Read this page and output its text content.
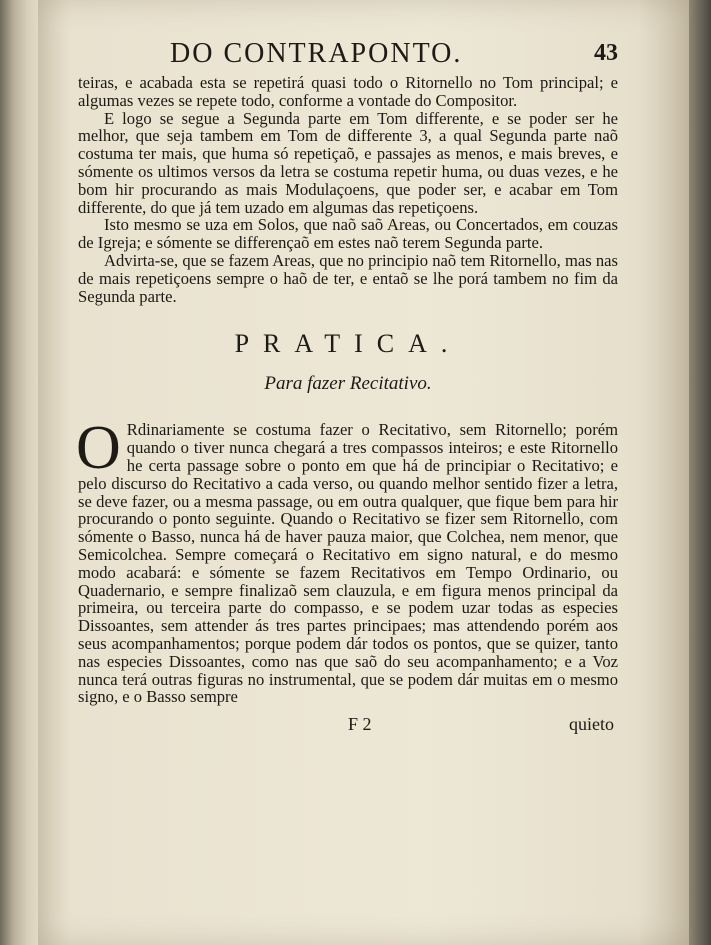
DO CONTRAPONTO.	43

teiras, e acabada esta se repetirá quasi todo o Ritornello no Tom principal; e algumas vezes se repete todo, conforme a vontade do Compositor.

E logo se segue a Segunda parte em Tom differente, e se poder ser he melhor, que seja tambem em Tom de differente 3, a qual Segunda parte naõ costuma ter mais, que huma só repetiçaõ, e passajes as menos, e mais breves, e sómente os ultimos versos da letra se costuma repetir huma, ou duas vezes, e he bom hir procurando as mais Modulaçoens, que poder ser, e acabar em Tom differente, do que já tem uzado em algumas das repetiçoens.

Isto mesmo se uza em Solos, que naõ saõ Areas, ou Concertados, em couzas de Igreja; e sómente se differençaõ em estes naõ terem Segunda parte.

Advirta-se, que se fazem Areas, que no principio naõ tem Ritornello, mas nas de mais repetiçoens sempre o haõ de ter, e entaõ se lhe porá tambem no fim da Segunda parte.

PRATICA.
Para fazer Recitativo.

O Rdinariamente se costuma fazer o Recitativo, sem Ritornello; porém quando o tiver nunca chegará a tres compassos inteiros; e este Ritornello he certa passage sobre o ponto em que há de principiar o Recitativo; e pelo discurso do Recitativo a cada verso, ou quando melhor sentido fizer a letra, se deve fazer, ou a mesma passage, ou em outra qualquer, que fique bem para hir procurando o ponto seguinte. Quando o Recitativo se fizer sem Ritornello, com sómente o Basso, nunca há de haver pauza maior, que Colchea, nem menor, que Semicolchea. Sempre começará o Recitativo em signo natural, e do mesmo modo acabará: e sómente se fazem Recitativos em Tempo Ordinario, ou Quadernario, e sempre finalizaõ sem clauzula, e em figura menos principal da primeira, ou terceira parte do compasso, e se podem uzar todas as especies Dissoantes, sem attender ás tres partes principaes; mas attendendo porém aos seus acompanhamentos; porque podem dár todos os pontos, que se quizer, tanto nas especies Dissoantes, como nas que saõ do seu acompanhamento; e a Voz nunca terá outras figuras no instrumental, que se podem dár muitas em o mesmo signo, e o Basso sempre

F 2	quieto
